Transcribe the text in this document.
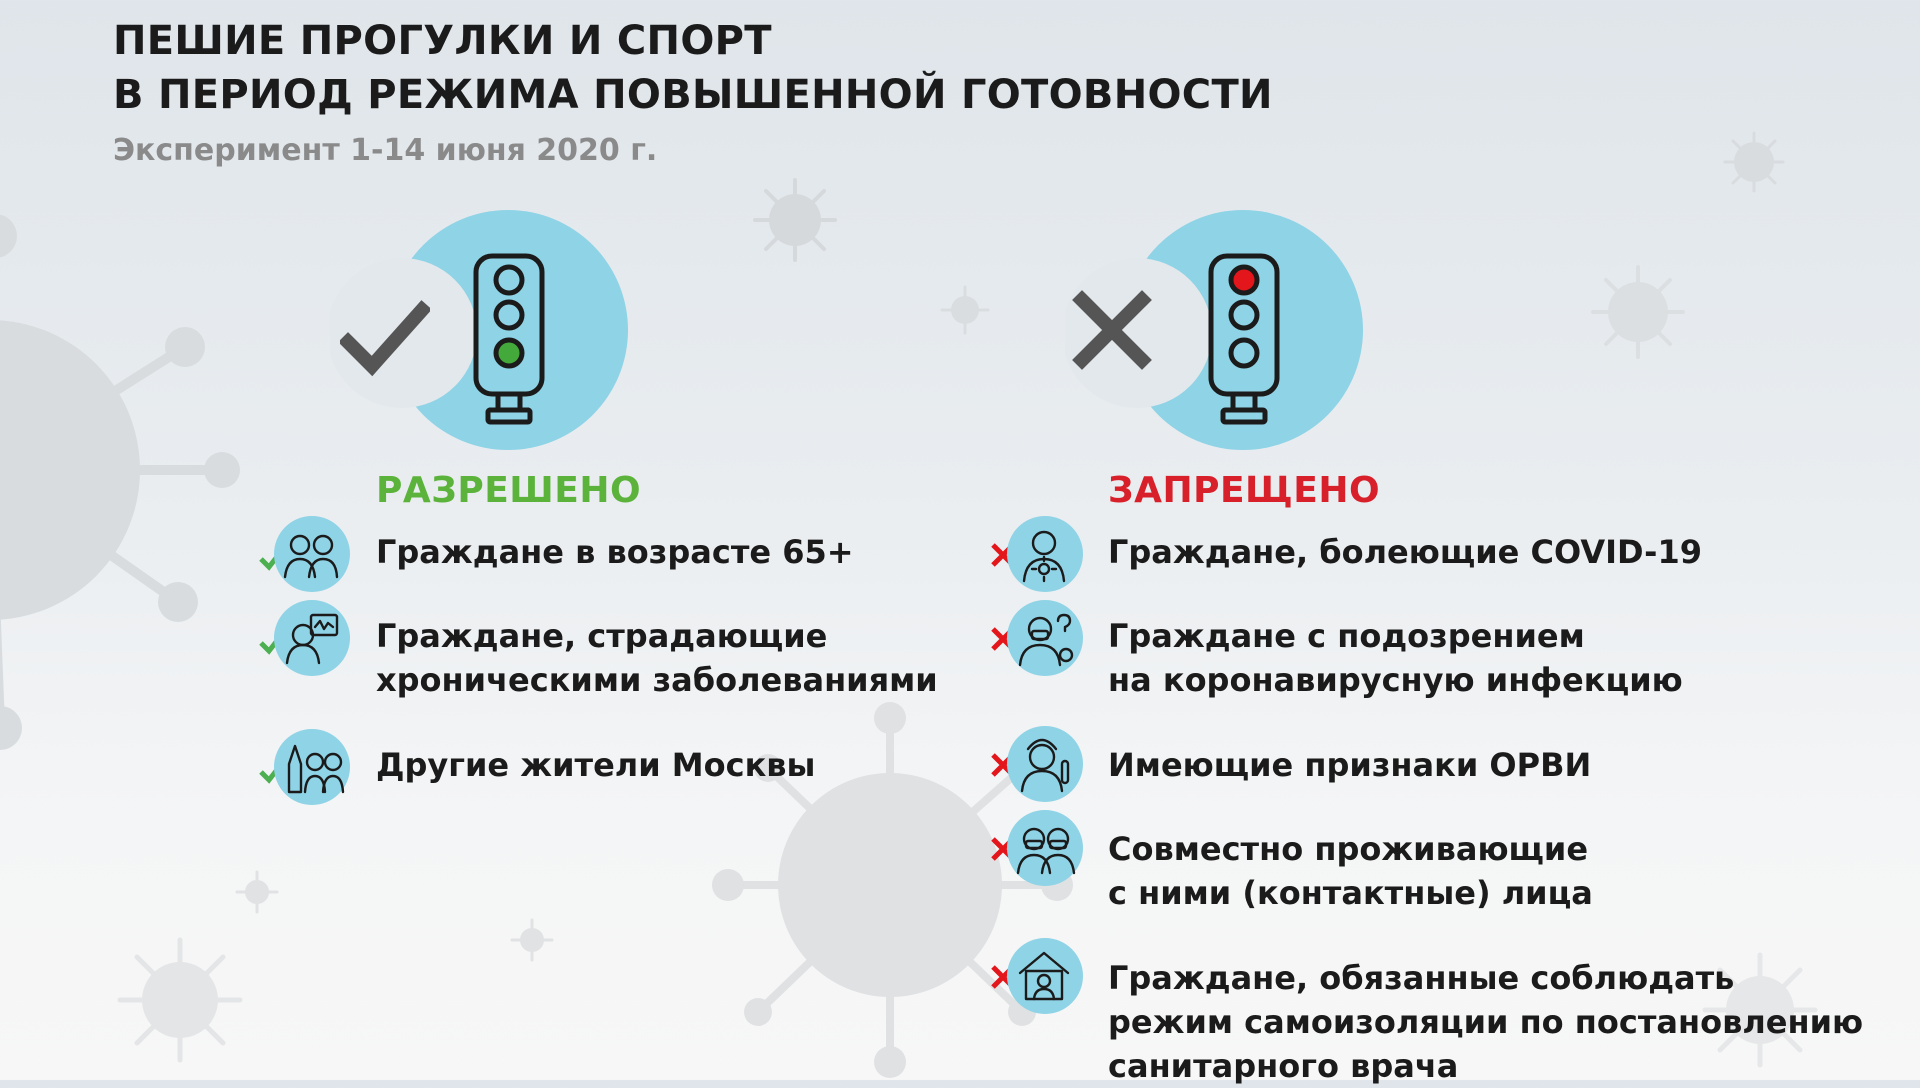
ПЕШИЕ ПРОГУЛКИ И СПОРТ
В ПЕРИОД РЕЖИМА ПОВЫШЕННОЙ ГОТОВНОСТИ
Эксперимент 1-14 июня 2020 г.
РАЗРЕШЕНО	ЗАПРЕЩЕНО
Граждане в возрасте 65+
Граждане, страдающие
хроническими заболеваниями
Другие жители Москвы
Граждане, болеющие COVID-19
Граждане с подозрением
на коронавирусную инфекцию
Имеющие признаки ОРВИ
Совместно проживающие
с ними (контактные) лица
Граждане, обязанные соблюдать
режим самоизоляции по постановлению
санитарного врача
